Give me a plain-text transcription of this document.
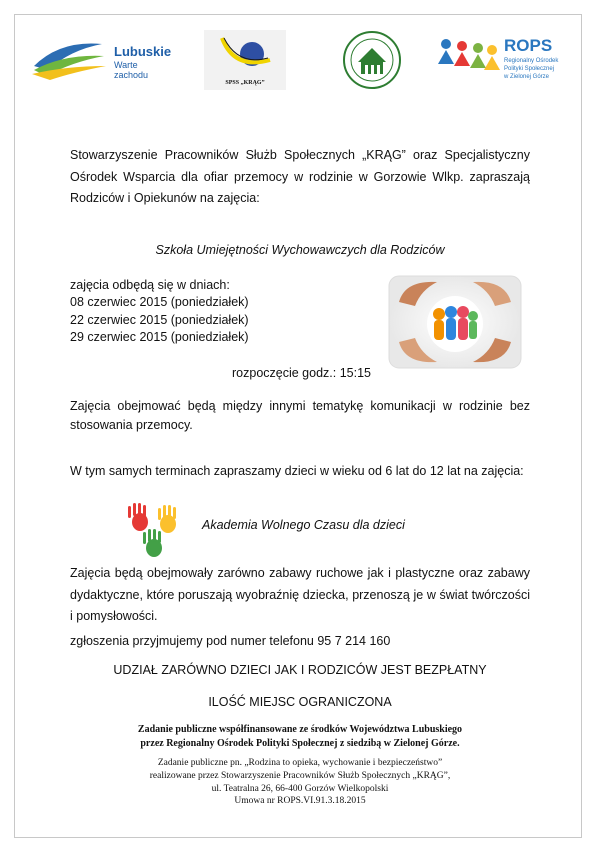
Lubuskie
Warte zachodu
SPSS „KRĄG”
ROPS
Regionalny Ośrodek
Polityki Społecznej
w Zielonej Górze
Stowarzyszenie Pracowników Służb Społecznych „KRĄG” oraz Specjalistyczny Ośrodek Wsparcia dla ofiar przemocy w rodzinie w Gorzowie Wlkp. zapraszają Rodziców i Opiekunów na zajęcia:
Szkoła Umiejętności Wychowawczych dla Rodziców
zajęcia odbędą się w dniach:
08 czerwiec 2015 (poniedziałek)
22 czerwiec 2015 (poniedziałek)
29 czerwiec 2015 (poniedziałek)
rozpoczęcie godz.: 15:15
Zajęcia obejmować będą między innymi tematykę komunikacji w rodzinie bez stosowania przemocy.
W tym samych terminach zapraszamy dzieci w wieku od 6 lat do 12 lat na zajęcia:
Akademia Wolnego Czasu dla dzieci
Zajęcia będą obejmowały zarówno zabawy ruchowe jak i plastyczne oraz zabawy dydaktyczne, które poruszają wyobraźnię dziecka, przenoszą je w świat twórczości i pomysłowości.
zgłoszenia przyjmujemy pod numer telefonu 95 7 214 160
UDZIAŁ ZARÓWNO DZIECI JAK I RODZICÓW JEST BEZPŁATNY
ILOŚĆ MIEJSC OGRANICZONA
Zadanie publiczne współfinansowane ze środków Województwa Lubuskiego
przez Regionalny Ośrodek Polityki Społecznej z siedzibą w Zielonej Górze.
Zadanie publiczne pn. „Rodzina to opieka, wychowanie i bezpieczeństwo”
realizowane przez Stowarzyszenie Pracowników Służb Społecznych „KRĄG”,
ul. Teatralna 26, 66-400 Gorzów Wielkopolski
Umowa nr ROPS.VI.91.3.18.2015
